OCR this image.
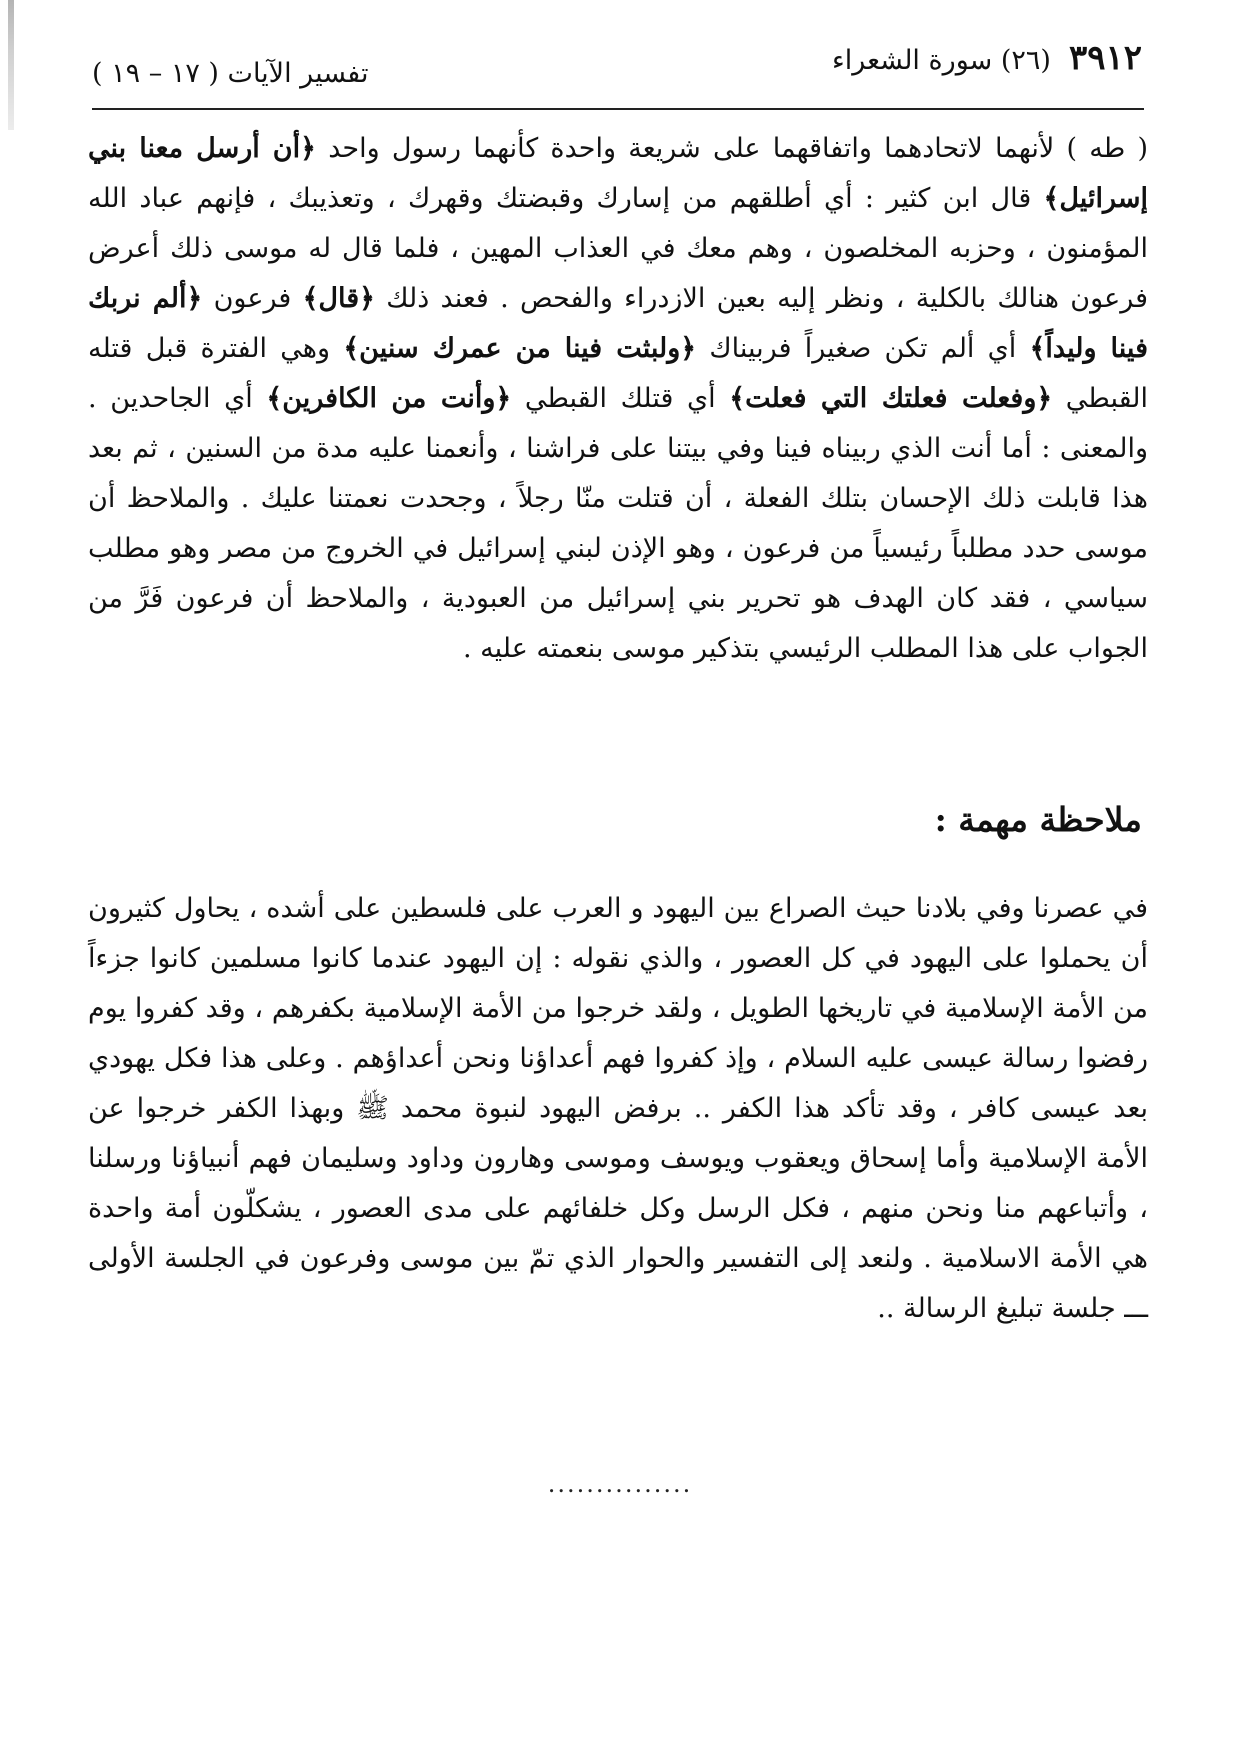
٣٩١٢
(٢٦) سورة الشعراء
تفسير الآيات ( ١٧ – ١٩ )
( طه ) لأنهما لاتحادهما واتفاقهما على شريعة واحدة كأنهما رسول واحد ﴿أن أرسل معنا بني إسرائيل﴾ قال ابن كثير : أي أطلقهم من إسارك وقبضتك وقهرك ، وتعذيبك ، فإنهم عباد الله المؤمنون ، وحزبه المخلصون ، وهم معك في العذاب المهين ، فلما قال له موسى ذلك أعرض فرعون هنالك بالكلية ، ونظر إليه بعين الازدراء والفحص . فعند ذلك ﴿قال﴾ فرعون ﴿ألم نربك فينا وليداً﴾ أي ألم تكن صغيراً فربيناك ﴿ولبثت فينا من عمرك سنين﴾ وهي الفترة قبل قتله القبطي ﴿وفعلت فعلتك التي فعلت﴾ أي قتلك القبطي ﴿وأنت من الكافرين﴾ أي الجاحدين . والمعنى : أما أنت الذي ربيناه فينا وفي بيتنا على فراشنا ، وأنعمنا عليه مدة من السنين ، ثم بعد هذا قابلت ذلك الإحسان بتلك الفعلة ، أن قتلت منّا رجلاً ، وجحدت نعمتنا عليك . والملاحظ أن موسى حدد مطلباً رئيسياً من فرعون ، وهو الإذن لبني إسرائيل في الخروج من مصر وهو مطلب سياسي ، فقد كان الهدف هو تحرير بني إسرائيل من العبودية ، والملاحظ أن فرعون فَرَّ من الجواب على هذا المطلب الرئيسي بتذكير موسى بنعمته عليه .
ملاحظة مهمة :
في عصرنا وفي بلادنا حيث الصراع بين اليهود و العرب على فلسطين على أشده ، يحاول كثيرون أن يحملوا على اليهود في كل العصور ، والذي نقوله : إن اليهود عندما كانوا مسلمين كانوا جزءاً من الأمة الإسلامية في تاريخها الطويل ، ولقد خرجوا من الأمة الإسلامية بكفرهم ، وقد كفروا يوم رفضوا رسالة عيسى عليه السلام ، وإذ كفروا فهم أعداؤنا ونحن أعداؤهم . وعلى هذا فكل يهودي بعد عيسى كافر ، وقد تأكد هذا الكفر .. برفض اليهود لنبوة محمد ﷺ وبهذا الكفر خرجوا عن الأمة الإسلامية وأما إسحاق ويعقوب ويوسف وموسى وهارون وداود وسليمان فهم أنبياؤنا ورسلنا ، وأتباعهم منا ونحن منهم ، فكل الرسل وكل خلفائهم على مدى العصور ، يشكلّون أمة واحدة هي الأمة الاسلامية . ولنعد إلى التفسير والحوار الذي تمّ بين موسى وفرعون في الجلسة الأولى ـــ جلسة تبليغ الرسالة ..
...............
